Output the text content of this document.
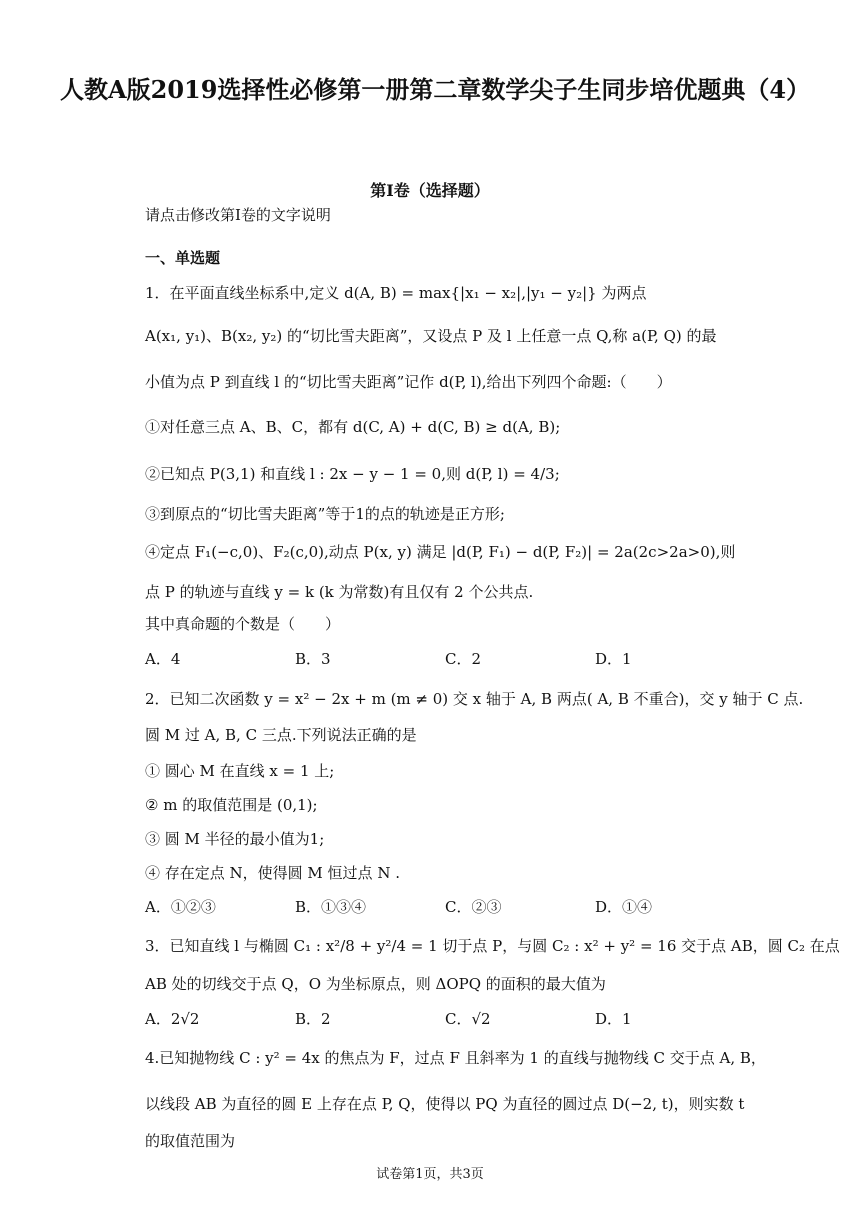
人教A版2019选择性必修第一册第二章数学尖子生同步培优题典（4）
第I卷（选择题）
请点击修改第I卷的文字说明
一、单选题
1．在平面直线坐标系中,定义 d(A, B) = max{|x₁ − x₂|,|y₁ − y₂|} 为两点
A(x₁, y₁)、B(x₂, y₂) 的“切比雪夫距离”，又设点 P 及 l 上任意一点 Q,称 a(P, Q) 的最
小值为点 P 到直线 l 的“切比雪夫距离”记作 d(P, l),给出下列四个命题:（　　）
①对任意三点 A、B、C，都有 d(C, A) + d(C, B) ≥ d(A, B);
②已知点 P(3,1) 和直线 l : 2x − y − 1 = 0,则 d(P, l) = 4/3;
③到原点的“切比雪夫距离”等于1的点的轨迹是正方形;
④定点 F₁(−c,0)、F₂(c,0),动点 P(x, y) 满足 |d(P, F₁) − d(P, F₂)| = 2a(2c>2a>0),则
点 P 的轨迹与直线 y = k (k 为常数)有且仅有 2 个公共点.
其中真命题的个数是（　　）
A．4	B．3	C．2	D．1
2．已知二次函数 y = x² − 2x + m (m ≠ 0) 交 x 轴于 A, B 两点( A, B 不重合)，交 y 轴于 C 点.
圆 M 过 A, B, C 三点.下列说法正确的是
① 圆心 M 在直线 x = 1 上;
② m 的取值范围是 (0,1);
③ 圆 M 半径的最小值为1;
④ 存在定点 N，使得圆 M 恒过点 N .
A．①②③	B．①③④	C．②③	D．①④
3．已知直线 l 与椭圆 C₁ : x²/8 + y²/4 = 1 切于点 P，与圆 C₂ : x² + y² = 16 交于点 AB，圆 C₂ 在点
AB 处的切线交于点 Q，O 为坐标原点，则 ΔOPQ 的面积的最大值为
A．2√2	B．2	C．√2	D．1
4.已知抛物线 C : y² = 4x 的焦点为 F，过点 F 且斜率为 1 的直线与抛物线 C 交于点 A, B，
以线段 AB 为直径的圆 E 上存在点 P, Q，使得以 PQ 为直径的圆过点 D(−2, t)，则实数 t
的取值范围为
试卷第1页，共3页
